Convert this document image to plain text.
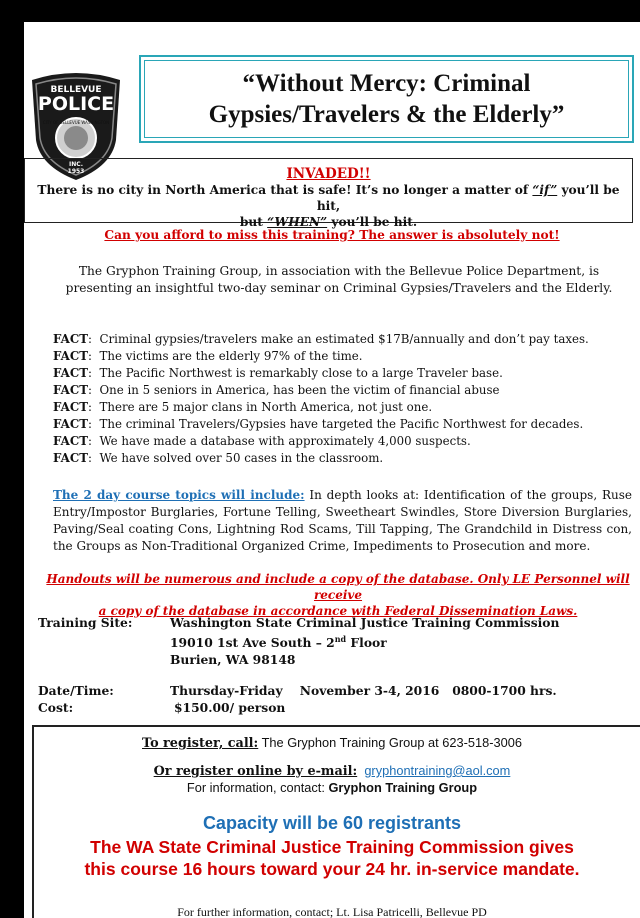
BELLEVUE
POLICE
CITY OF BELLEVUE WASHINGTON
INC.
1953
“Without Mercy: Criminal
Gypsies/Travelers & the Elderly”
INVADED!!
There is no city in North America that is safe! It’s no longer a matter of “if” you’ll be hit,
but “WHEN” you’ll be hit.
Can you afford to miss this training? The answer is absolutely not!
The Gryphon Training Group, in association with the Bellevue Police Department, is presenting an insightful two-day seminar on Criminal Gypsies/Travelers and the Elderly.
FACT:  Criminal gypsies/travelers make an estimated $17B/annually and don’t pay taxes.
FACT:  The victims are the elderly 97% of the time.
FACT:  The Pacific Northwest is remarkably close to a large Traveler base.
FACT:  One in 5 seniors in America, has been the victim of financial abuse
FACT:  There are 5 major clans in North America, not just one.
FACT:  The criminal Travelers/Gypsies have targeted the Pacific Northwest for decades.
FACT:  We have made a database with approximately 4,000 suspects.
FACT:  We have solved over 50 cases in the classroom.
The 2 day course topics will include: In depth looks at: Identification of the groups, Ruse Entry/Impostor Burglaries, Fortune Telling, Sweetheart Swindles, Store Diversion Burglaries, Paving/Seal coating Cons, Lightning Rod Scams, Till Tapping, The Grandchild in Distress con, the Groups as Non-Traditional Organized Crime, Impediments to Prosecution and more.
Handouts will be numerous and include a copy of the database. Only LE Personnel will receive
a copy of the database in accordance with Federal Dissemination Laws.
Training Site:	Washington State Criminal Justice Training Commission
19010 1st Ave South – 2nd Floor
Burien, WA 98148
Date/Time:	Thursday-Friday    November 3-4, 2016   0800-1700 hrs.
Cost:	$150.00/ person
To register, call: The Gryphon Training Group at 623-518-3006
Or register online by e-mail: gryphontraining@aol.com
For information, contact: Gryphon Training Group
Capacity will be 60 registrants
The WA State Criminal Justice Training Commission gives
this course 16 hours toward your 24 hr. in-service mandate.
For further information, contact; Lt. Lisa Patricelli, Bellevue PD
